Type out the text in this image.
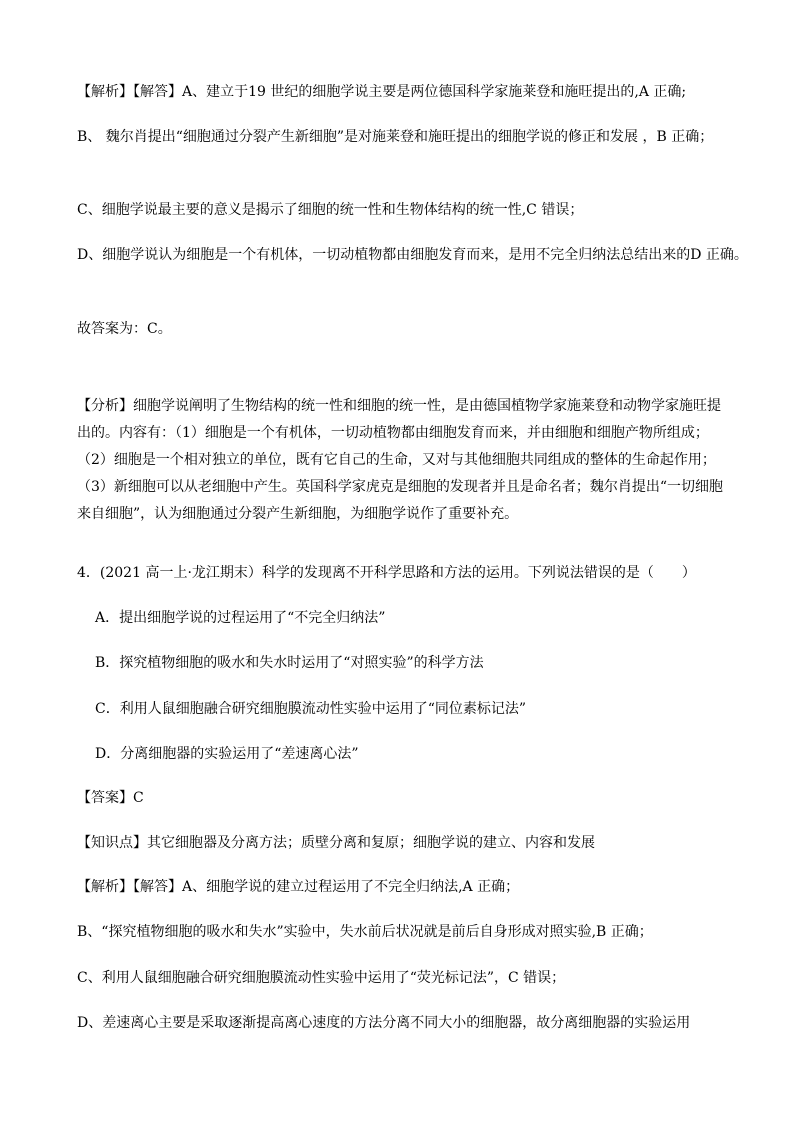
【解析】【解答】A、建立于19 世纪的细胞学说主要是两位德国科学家施莱登和施旺提出的,A 正确;

B、 魏尔肖提出“细胞通过分裂产生新细胞”是对施莱登和施旺提出的细胞学说的修正和发展 ，B 正确；

C、细胞学说最主要的意义是揭示了细胞的统一性和生物体结构的统一性,C 错误；

D、细胞学说认为细胞是一个有机体，一切动植物都由细胞发育而来，是用不完全归纳法总结出来的D 正确。

故答案为：C。

【分析】细胞学说阐明了生物结构的统一性和细胞的统一性，是由德国植物学家施莱登和动物学家施旺提出的。内容有：（1）细胞是一个有机体，一切动植物都由细胞发育而来，并由细胞和细胞产物所组成；（2）细胞是一个相对独立的单位，既有它自己的生命，又对与其他细胞共同组成的整体的生命起作用；（3）新细胞可以从老细胞中产生。英国科学家虎克是细胞的发现者并且是命名者；魏尔肖提出“一切细胞来自细胞”，认为细胞通过分裂产生新细胞，为细胞学说作了重要补充。

4．(2021 高一上·龙江期末）科学的发现离不开科学思路和方法的运用。下列说法错误的是（　　）

A．提出细胞学说的过程运用了“不完全归纳法”

B．探究植物细胞的吸水和失水时运用了“对照实验”的科学方法

C．利用人鼠细胞融合研究细胞膜流动性实验中运用了“同位素标记法”

D．分离细胞器的实验运用了“差速离心法”

【答案】C

【知识点】其它细胞器及分离方法；质壁分离和复原；细胞学说的建立、内容和发展

【解析】【解答】A、细胞学说的建立过程运用了不完全归纳法,A 正确；

B、“探究植物细胞的吸水和失水”实验中，失水前后状况就是前后自身形成对照实验,B 正确；

C、利用人鼠细胞融合研究细胞膜流动性实验中运用了“荧光标记法”，C 错误；

D、差速离心主要是采取逐渐提高离心速度的方法分离不同大小的细胞器，故分离细胞器的实验运用
